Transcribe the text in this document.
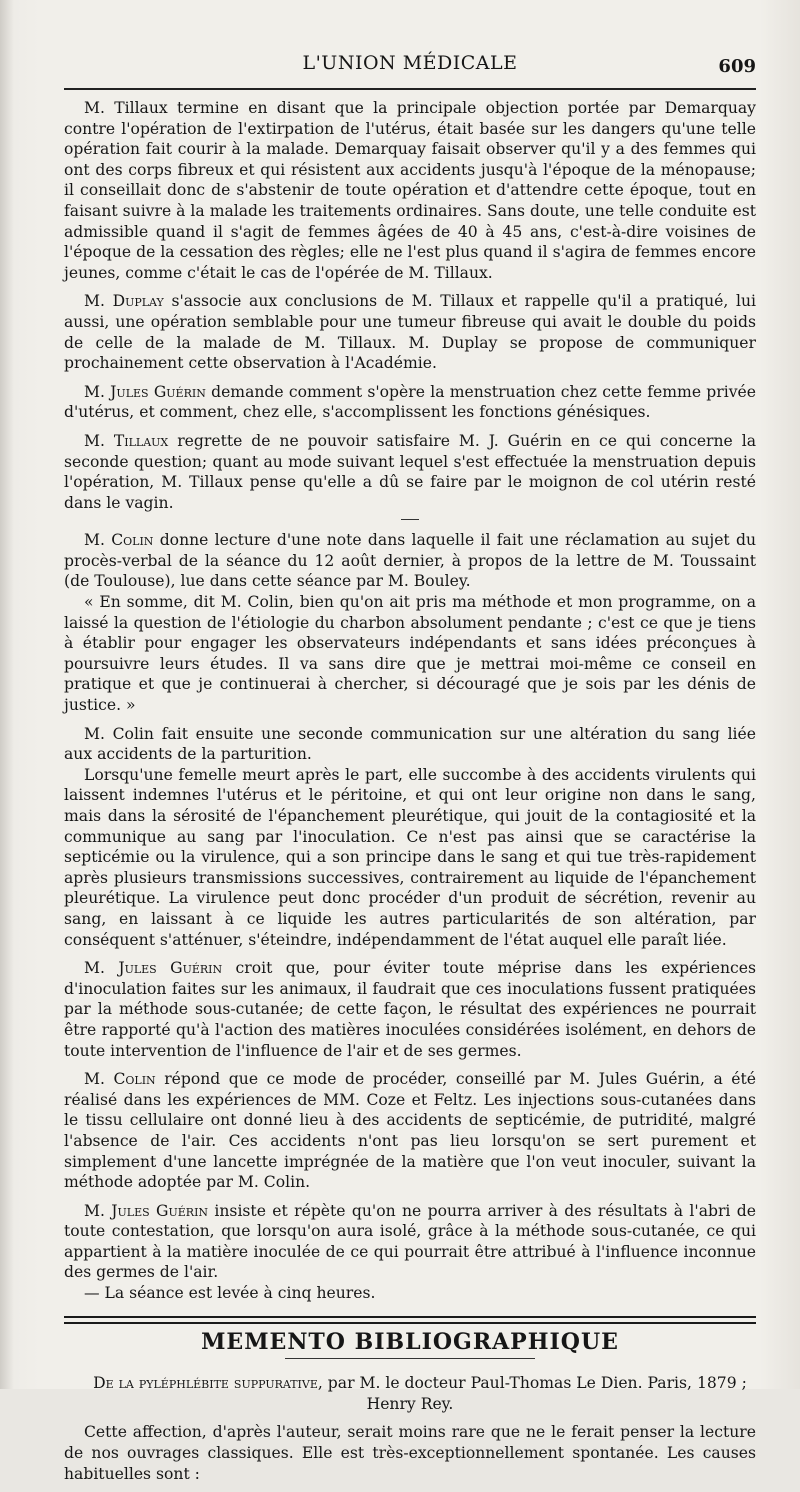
L'UNION MÉDICALE	609

M. Tillaux termine en disant que la principale objection portée par Demarquay contre l'opération de l'extirpation de l'utérus, était basée sur les dangers qu'une telle opération fait courir à la malade. Demarquay faisait observer qu'il y a des femmes qui ont des corps fibreux et qui résistent aux accidents jusqu'à l'époque de la ménopause; il conseillait donc de s'abstenir de toute opération et d'attendre cette époque, tout en faisant suivre à la malade les traitements ordinaires. Sans doute, une telle conduite est admissible quand il s'agit de femmes âgées de 40 à 45 ans, c'est-à-dire voisines de l'époque de la cessation des règles; elle ne l'est plus quand il s'agira de femmes encore jeunes, comme c'était le cas de l'opérée de M. Tillaux.

M. Duplay s'associe aux conclusions de M. Tillaux et rappelle qu'il a pratiqué, lui aussi, une opération semblable pour une tumeur fibreuse qui avait le double du poids de celle de la malade de M. Tillaux. M. Duplay se propose de communiquer prochainement cette observation à l'Académie.

M. Jules Guérin demande comment s'opère la menstruation chez cette femme privée d'utérus, et comment, chez elle, s'accomplissent les fonctions génésiques.

M. Tillaux regrette de ne pouvoir satisfaire M. J. Guérin en ce qui concerne la seconde question; quant au mode suivant lequel s'est effectuée la menstruation depuis l'opération, M. Tillaux pense qu'elle a dû se faire par le moignon de col utérin resté dans le vagin.

M. Colin donne lecture d'une note dans laquelle il fait une réclamation au sujet du procès-verbal de la séance du 12 août dernier, à propos de la lettre de M. Toussaint (de Toulouse), lue dans cette séance par M. Bouley.

« En somme, dit M. Colin, bien qu'on ait pris ma méthode et mon programme, on a laissé la question de l'étiologie du charbon absolument pendante ; c'est ce que je tiens à établir pour engager les observateurs indépendants et sans idées préconçues à poursuivre leurs études. Il va sans dire que je mettrai moi-même ce conseil en pratique et que je continuerai à chercher, si découragé que je sois par les dénis de justice. »

M. Colin fait ensuite une seconde communication sur une altération du sang liée aux accidents de la parturition.

Lorsqu'une femelle meurt après le part, elle succombe à des accidents virulents qui laissent indemnes l'utérus et le péritoine, et qui ont leur origine non dans le sang, mais dans la sérosité de l'épanchement pleurétique, qui jouit de la contagiosité et la communique au sang par l'inoculation. Ce n'est pas ainsi que se caractérise la septicémie ou la virulence, qui a son principe dans le sang et qui tue très-rapidement après plusieurs transmissions successives, contrairement au liquide de l'épanchement pleurétique. La virulence peut donc procéder d'un produit de sécrétion, revenir au sang, en laissant à ce liquide les autres particularités de son altération, par conséquent s'atténuer, s'éteindre, indépendamment de l'état auquel elle paraît liée.

M. Jules Guérin croit que, pour éviter toute méprise dans les expériences d'inoculation faites sur les animaux, il faudrait que ces inoculations fussent pratiquées par la méthode sous-cutanée; de cette façon, le résultat des expériences ne pourrait être rapporté qu'à l'action des matières inoculées considérées isolément, en dehors de toute intervention de l'influence de l'air et de ses germes.

M. Colin répond que ce mode de procéder, conseillé par M. Jules Guérin, a été réalisé dans les expériences de MM. Coze et Feltz. Les injections sous-cutanées dans le tissu cellulaire ont donné lieu à des accidents de septicémie, de putridité, malgré l'absence de l'air. Ces accidents n'ont pas lieu lorsqu'on se sert purement et simplement d'une lancette imprégnée de la matière que l'on veut inoculer, suivant la méthode adoptée par M. Colin.

M. Jules Guérin insiste et répète qu'on ne pourra arriver à des résultats à l'abri de toute contestation, que lorsqu'on aura isolé, grâce à la méthode sous-cutanée, ce qui appartient à la matière inoculée de ce qui pourrait être attribué à l'influence inconnue des germes de l'air.

— La séance est levée à cinq heures.

MEMENTO BIBLIOGRAPHIQUE

De la pyléphlébite suppurative, par M. le docteur Paul-Thomas Le Dien. Paris, 1879 ; Henry Rey.

Cette affection, d'après l'auteur, serait moins rare que ne le ferait penser la lecture de nos ouvrages classiques. Elle est très-exceptionnellement spontanée. Les causes habituelles sont :
